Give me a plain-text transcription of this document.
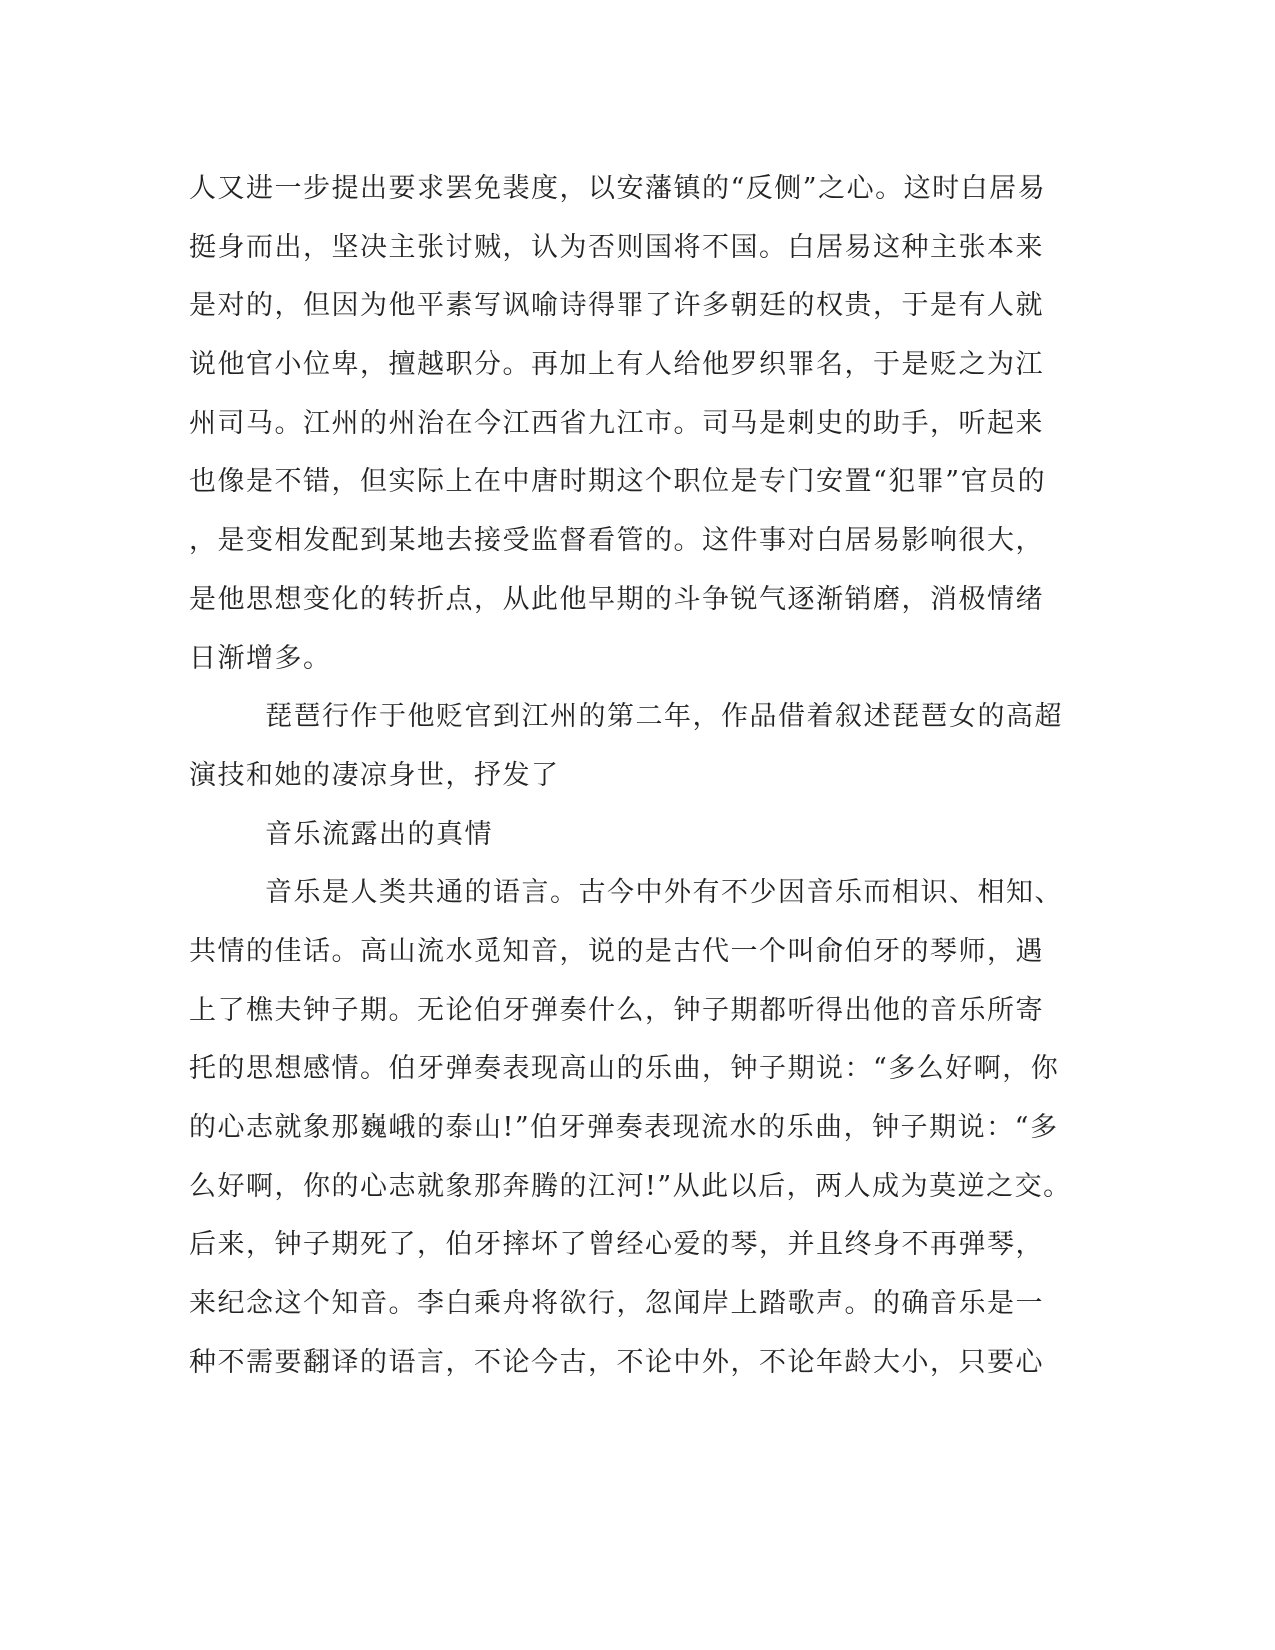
人又进一步提出要求罢免裴度，以安藩镇的“反侧”之心。这时白居易
挺身而出，坚决主张讨贼，认为否则国将不国。白居易这种主张本来
是对的，但因为他平素写讽喻诗得罪了许多朝廷的权贵，于是有人就
说他官小位卑，擅越职分。再加上有人给他罗织罪名，于是贬之为江
州司马。江州的州治在今江西省九江市。司马是刺史的助手，听起来
也像是不错，但实际上在中唐时期这个职位是专门安置“犯罪”官员的
，是变相发配到某地去接受监督看管的。这件事对白居易影响很大，
是他思想变化的转折点，从此他早期的斗争锐气逐渐销磨，消极情绪
日渐增多。
琵琶行作于他贬官到江州的第二年，作品借着叙述琵琶女的高超
演技和她的凄凉身世，抒发了
音乐流露出的真情
音乐是人类共通的语言。古今中外有不少因音乐而相识、相知、
共情的佳话。高山流水觅知音，说的是古代一个叫俞伯牙的琴师，遇
上了樵夫钟子期。无论伯牙弹奏什么，钟子期都听得出他的音乐所寄
托的思想感情。伯牙弹奏表现高山的乐曲，钟子期说：“多么好啊，你
的心志就象那巍峨的泰山!”伯牙弹奏表现流水的乐曲，钟子期说：“多
么好啊，你的心志就象那奔腾的江河!”从此以后，两人成为莫逆之交。
后来，钟子期死了，伯牙摔坏了曾经心爱的琴，并且终身不再弹琴，
来纪念这个知音。李白乘舟将欲行，忽闻岸上踏歌声。的确音乐是一
种不需要翻译的语言，不论今古，不论中外，不论年龄大小，只要心
